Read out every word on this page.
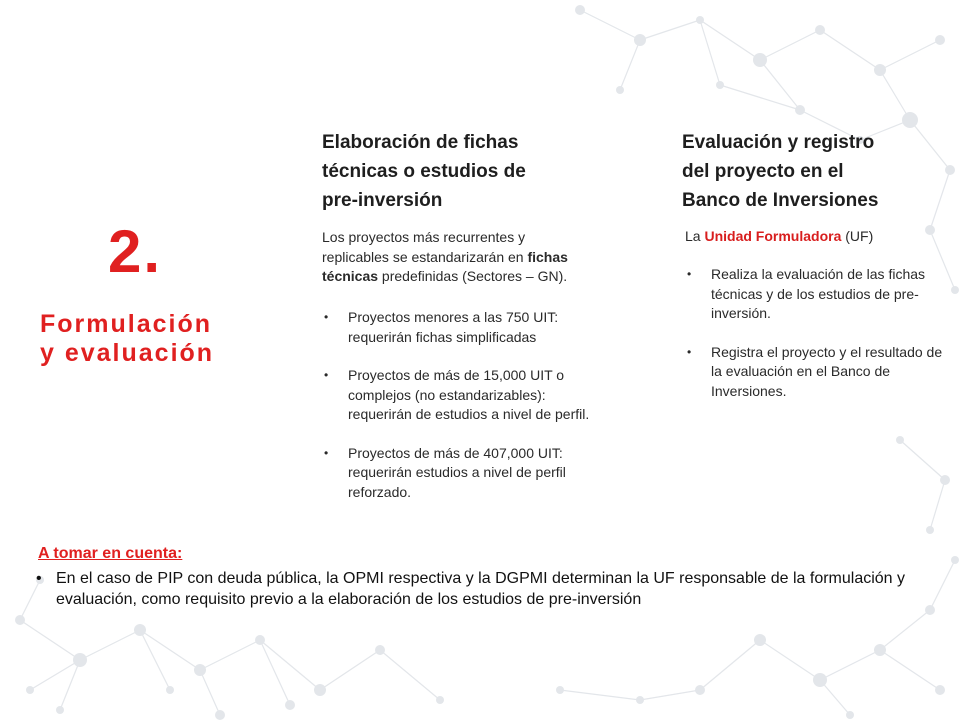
2.
Formulación
y evaluación
Elaboración de fichas
técnicas o estudios de
pre-inversión
Los proyectos más recurrentes y replicables se estandarizarán en fichas técnicas predefinidas (Sectores – GN).
• Proyectos menores a las 750 UIT: requerirán fichas simplificadas
• Proyectos de más de 15,000 UIT o complejos (no estandarizables): requerirán de estudios a nivel de perfil.
• Proyectos de más de 407,000 UIT: requerirán estudios a nivel de perfil reforzado.
Evaluación y registro
del proyecto en el
Banco de Inversiones
La Unidad Formuladora (UF)
• Realiza la evaluación de las fichas técnicas y de los estudios de pre-inversión.
• Registra el proyecto y el resultado de la evaluación en el Banco de Inversiones.
A tomar en cuenta:
• En el caso de PIP con deuda pública, la OPMI respectiva y la DGPMI determinan la UF responsable de la formulación y evaluación, como requisito previo a la elaboración de los estudios de pre-inversión
